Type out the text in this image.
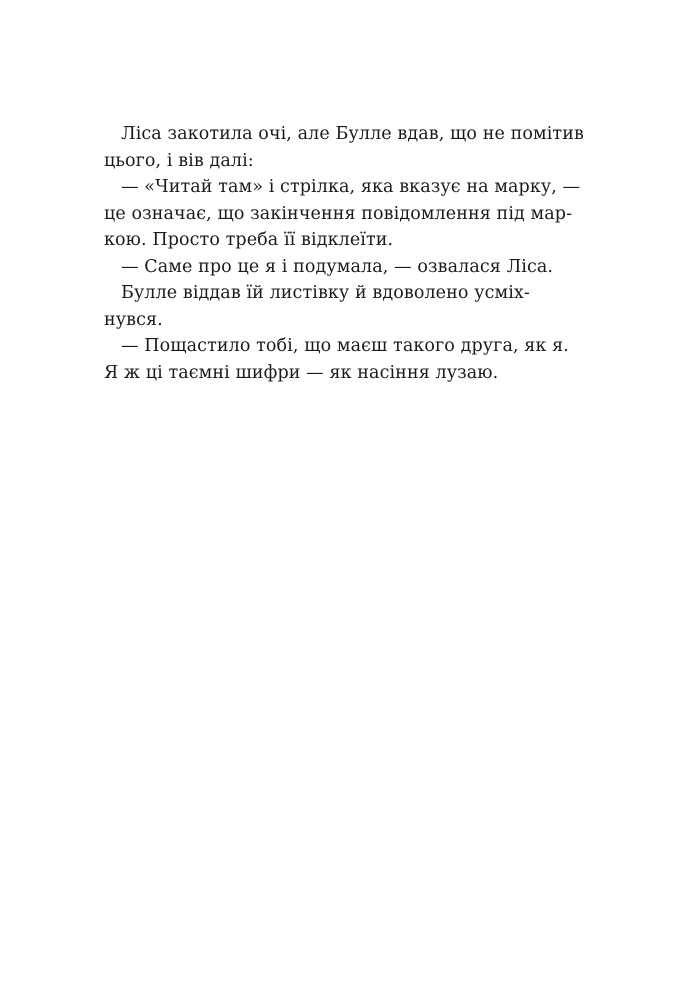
Ліса закотила очі, але Булле вдав, що не помітив
цього, і вів далі:
— «Читай там» і стрілка, яка вказує на марку, —
це означає, що закінчення повідомлення під мар-
кою. Просто треба її відклеїти.
— Саме про це я і подумала, — озвалася Ліса.
Булле віддав їй листівку й вдоволено усміх-
нувся.
— Пощастило тобі, що маєш такого друга, як я.
Я ж ці таємні шифри — як насіння лузаю.
